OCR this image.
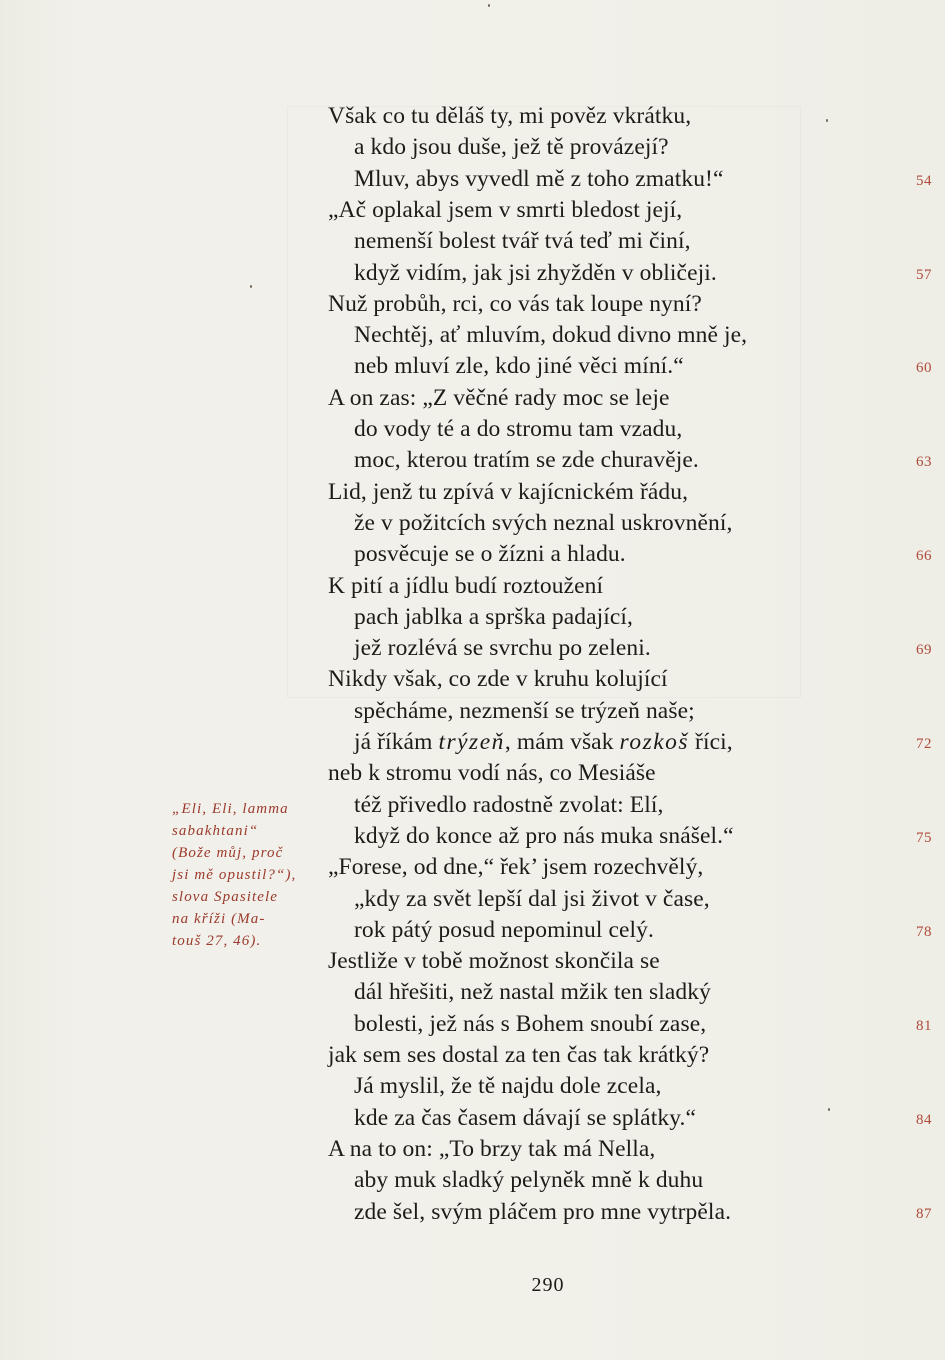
Však co tu děláš ty, mi pověz vkrátku,
a kdo jsou duše, jež tě provázejí?
Mluv, abys vyvedl mě z toho zmatku!“	54
„Ač oplakal jsem v smrti bledost její,
nemenší bolest tvář tvá teď mi činí,
když vidím, jak jsi zhyžděn v obličeji.	57
Nuž probůh, rci, co vás tak loupe nyní?
Nechtěj, ať mluvím, dokud divno mně je,
neb mluví zle, kdo jiné věci míní.“	60
A on zas: „Z věčné rady moc se leje
do vody té a do stromu tam vzadu,
moc, kterou tratím se zde churavěje.	63
Lid, jenž tu zpívá v kajícnickém řádu,
že v požitcích svých neznal uskrovnění,
posvěcuje se o žízni a hladu.	66
K pití a jídlu budí roztoužení
pach jablka a sprška padající,
jež rozlévá se svrchu po zeleni.	69
Nikdy však, co zde v kruhu kolující
spěcháme, nezmenší se trýzeň naše;
já říkám trýzeň, mám však rozkoš říci,	72
neb k stromu vodí nás, co Mesiáše
též přivedlo radostně zvolat: Elí,
když do konce až pro nás muka snášel.“	75
„Forese, od dne,“ řek’ jsem rozechvělý,
„kdy za svět lepší dal jsi život v čase,
rok pátý posud nepominul celý.	78
Jestliže v tobě možnost skončila se
dál hřešiti, než nastal mžik ten sladký
bolesti, jež nás s Bohem snoubí zase,	81
jak sem ses dostal za ten čas tak krátký?
Já myslil, že tě najdu dole zcela,
kde za čas časem dávají se splátky.“	84
A na to on: „To brzy tak má Nella,
aby muk sladký pelyněk mně k duhu
zde šel, svým pláčem pro mne vytrpěla.	87
„Eli, Eli, lamma
sabakhtani“
(Bože můj, proč
jsi mě opustil?“),
slova Spasitele
na kříži (Ma-
touš 27, 46).
290
